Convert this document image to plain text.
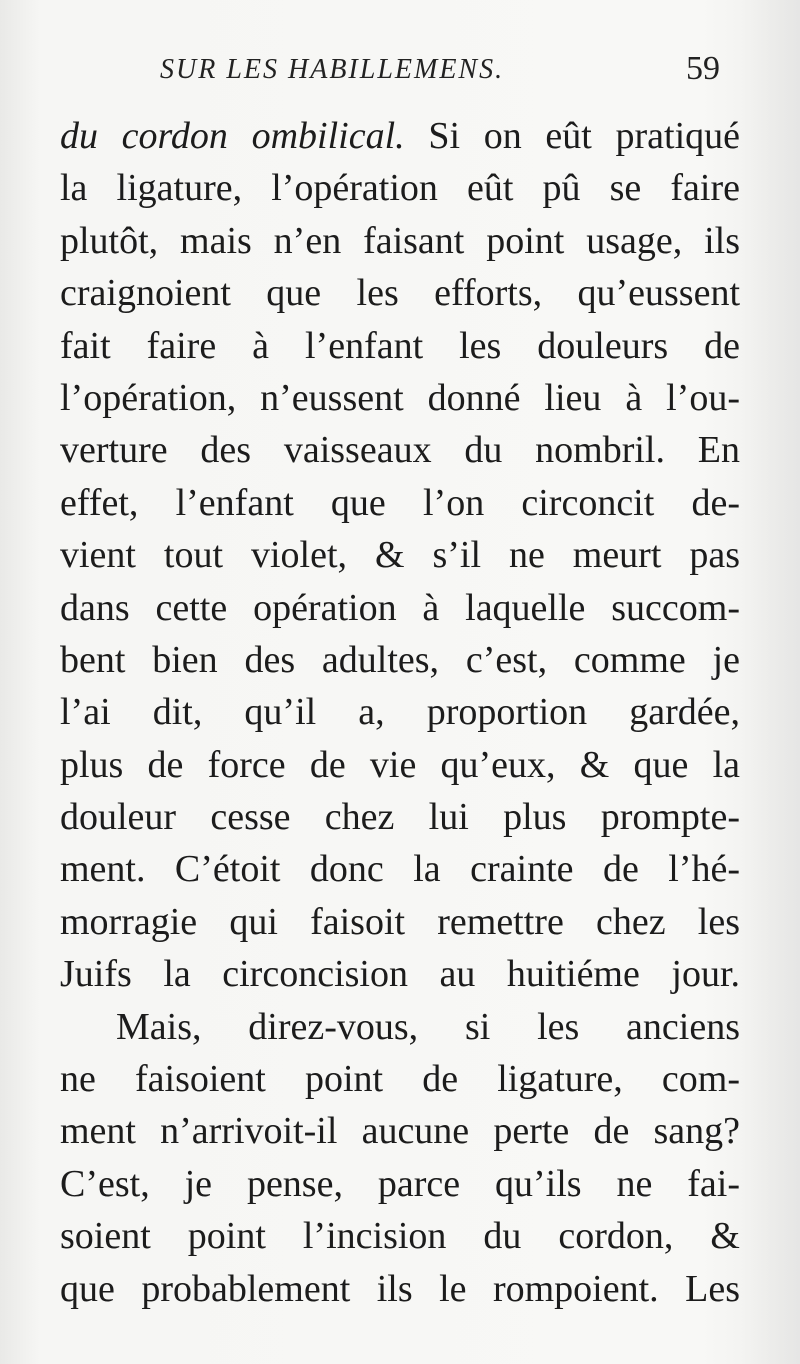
SUR LES HABILLEMENS.	59
du cordon ombilical. Si on eût pratiqué
la ligature, l’opération eût pû se faire
plutôt, mais n’en faisant point usage, ils
craignoient que les efforts, qu’eussent
fait faire à l’enfant les douleurs de
l’opération, n’eussent donné lieu à l’ou-
verture des vaisseaux du nombril. En
effet, l’enfant que l’on circoncit de-
vient tout violet, & s’il ne meurt pas
dans cette opération à laquelle succom-
bent bien des adultes, c’est, comme je
l’ai dit, qu’il a, proportion gardée,
plus de force de vie qu’eux, & que la
douleur cesse chez lui plus prompte-
ment. C’étoit donc la crainte de l’hé-
morragie qui faisoit remettre chez les
Juifs la circoncision au huitiéme jour.
Mais, direz-vous, si les anciens
ne faisoient point de ligature, com-
ment n’arrivoit-il aucune perte de sang?
C’est, je pense, parce qu’ils ne fai-
soient point l’incision du cordon, &
que probablement ils le rompoient. Les
